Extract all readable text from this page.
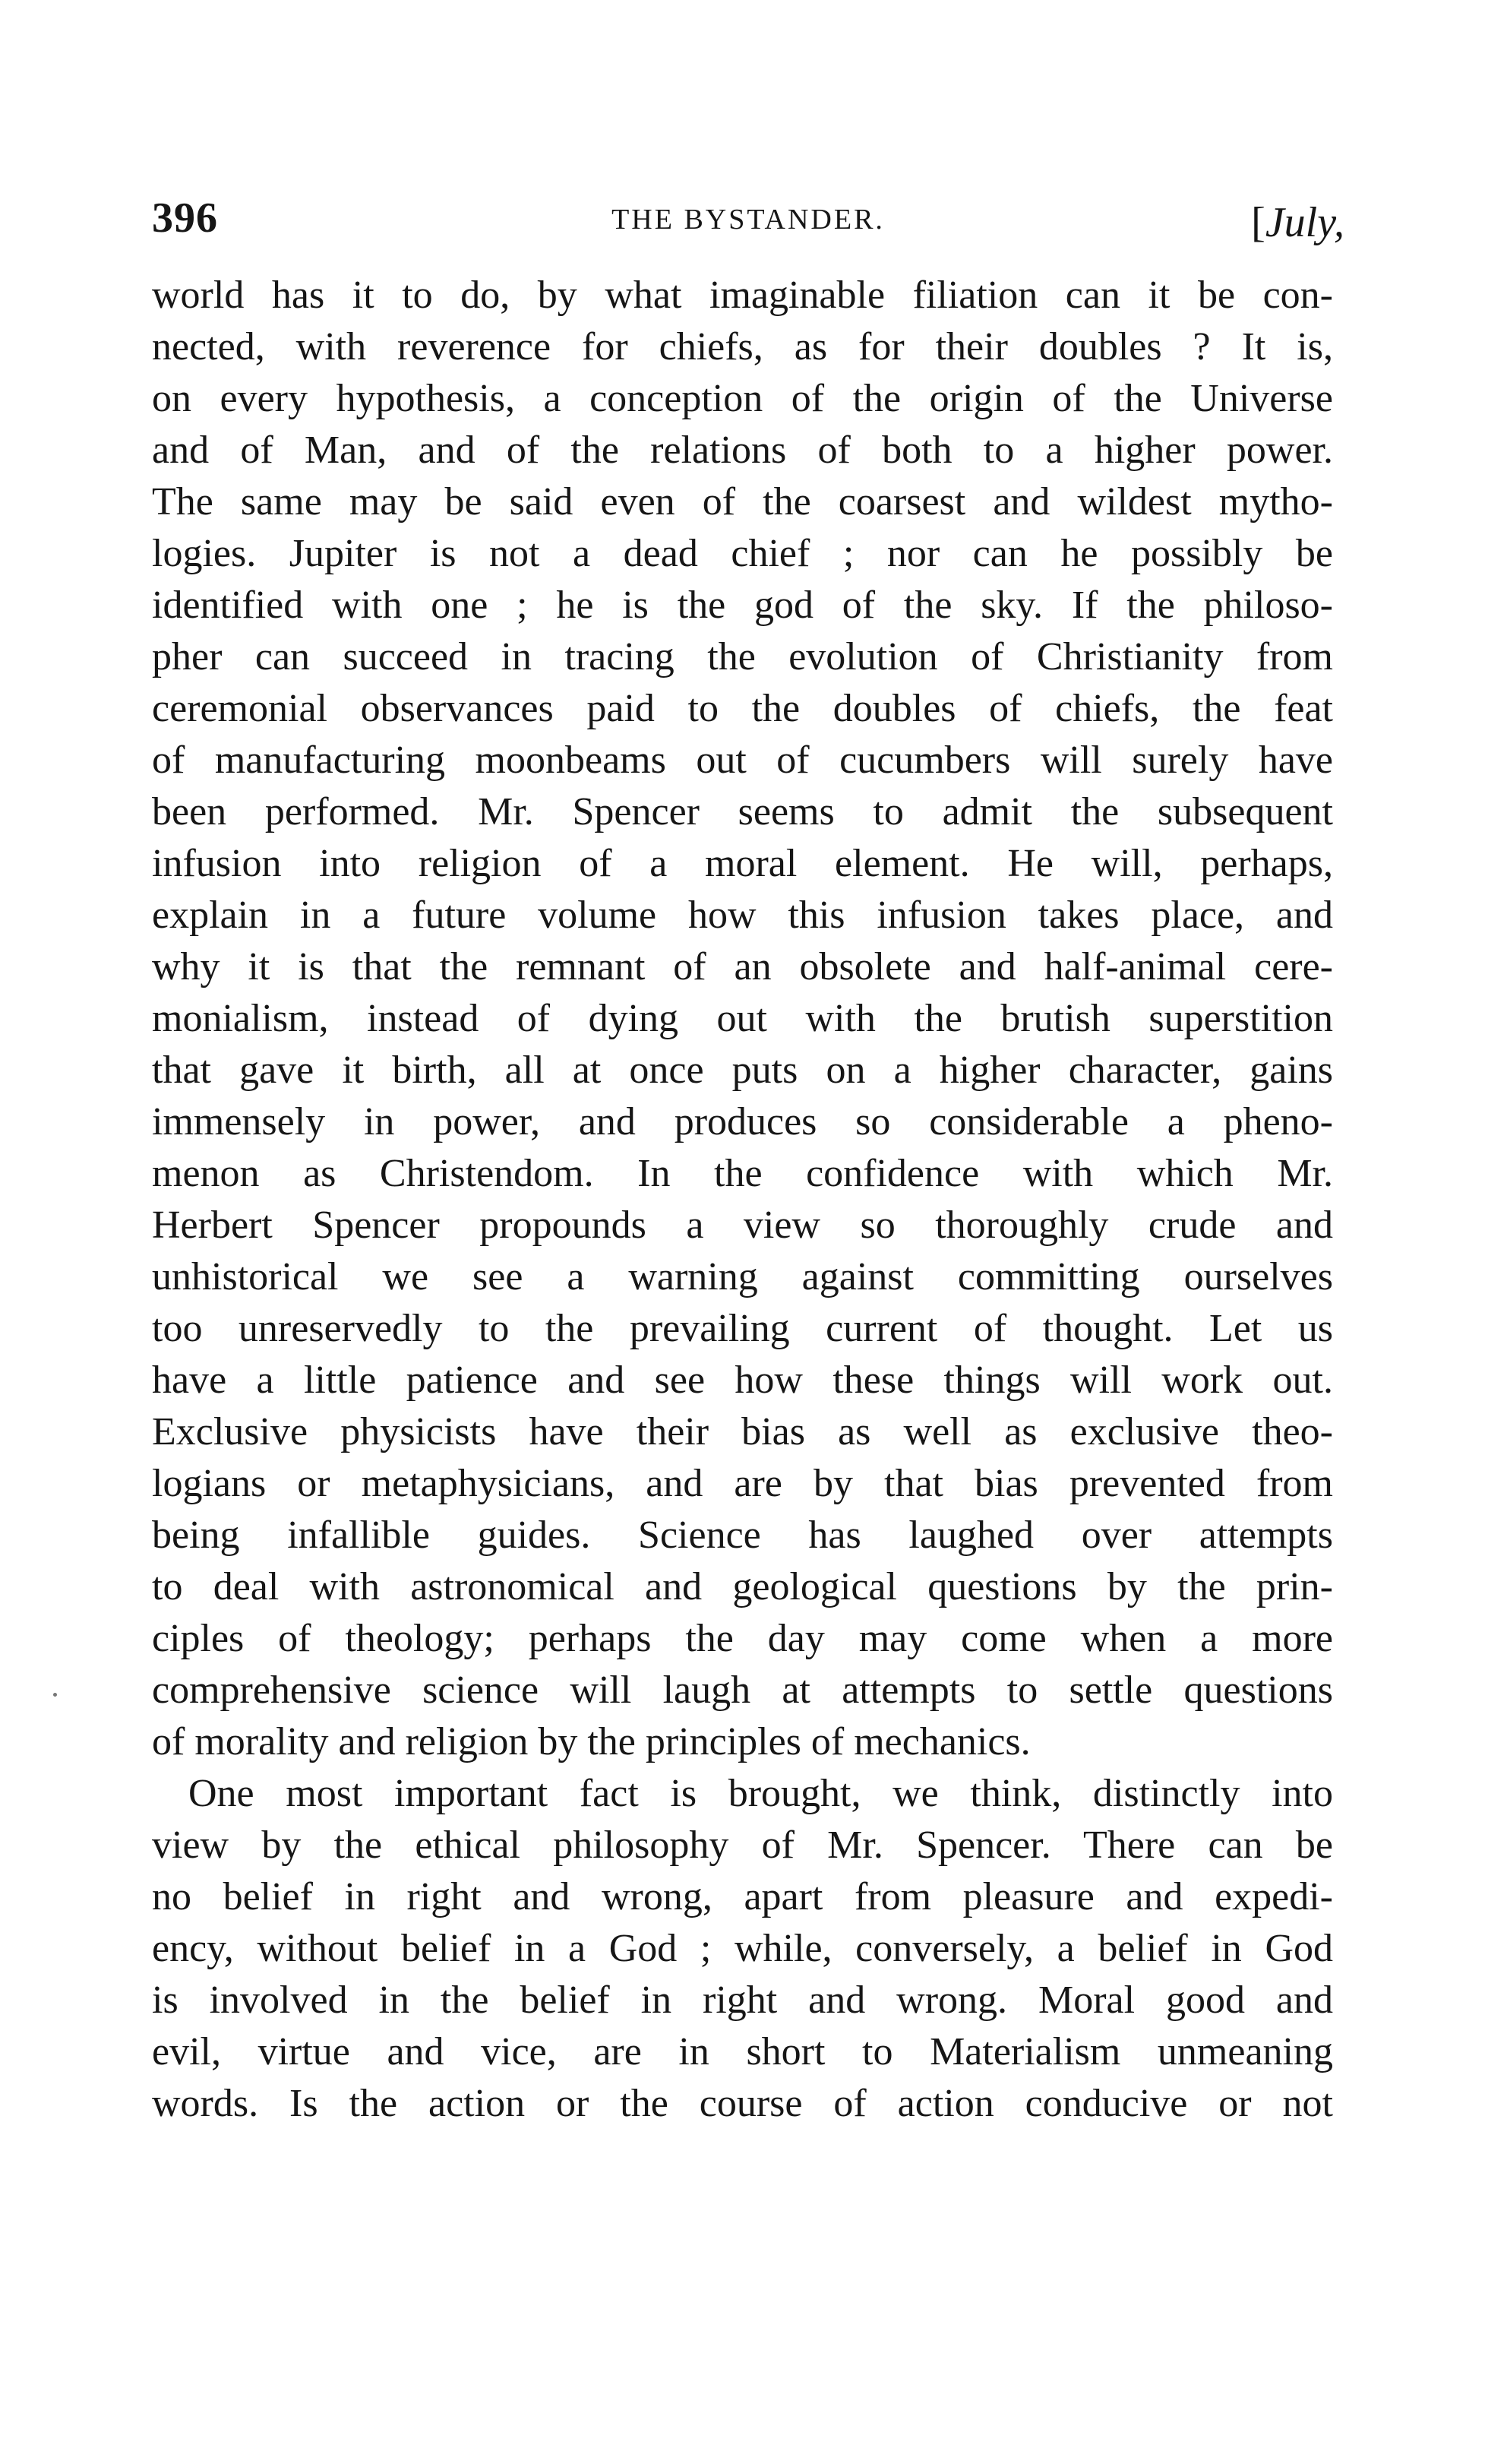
396	THE BYSTANDER.	[July,
world has it to do, by what imaginable filiation can it be con-
nected, with reverence for chiefs, as for their doubles ? It is,
on every hypothesis, a conception of the origin of the Universe
and of Man, and of the relations of both to a higher power.
The same may be said even of the coarsest and wildest mytho-
logies. Jupiter is not a dead chief ; nor can he possibly be
identified with one ; he is the god of the sky. If the philoso-
pher can succeed in tracing the evolution of Christianity from
ceremonial observances paid to the doubles of chiefs, the feat
of manufacturing moonbeams out of cucumbers will surely have
been performed. Mr. Spencer seems to admit the subsequent
infusion into religion of a moral element. He will, perhaps,
explain in a future volume how this infusion takes place, and
why it is that the remnant of an obsolete and half-animal cere-
monialism, instead of dying out with the brutish superstition
that gave it birth, all at once puts on a higher character, gains
immensely in power, and produces so considerable a pheno-
menon as Christendom. In the confidence with which Mr.
Herbert Spencer propounds a view so thoroughly crude and
unhistorical we see a warning against committing ourselves
too unreservedly to the prevailing current of thought. Let us
have a little patience and see how these things will work out.
Exclusive physicists have their bias as well as exclusive theo-
logians or metaphysicians, and are by that bias prevented from
being infallible guides. Science has laughed over attempts
to deal with astronomical and geological questions by the prin-
ciples of theology; perhaps the day may come when a more
comprehensive science will laugh at attempts to settle questions
of morality and religion by the principles of mechanics.
One most important fact is brought, we think, distinctly into
view by the ethical philosophy of Mr. Spencer. There can be
no belief in right and wrong, apart from pleasure and expedi-
ency, without belief in a God ; while, conversely, a belief in God
is involved in the belief in right and wrong. Moral good and
evil, virtue and vice, are in short to Materialism unmeaning
words. Is the action or the course of action conducive or not
